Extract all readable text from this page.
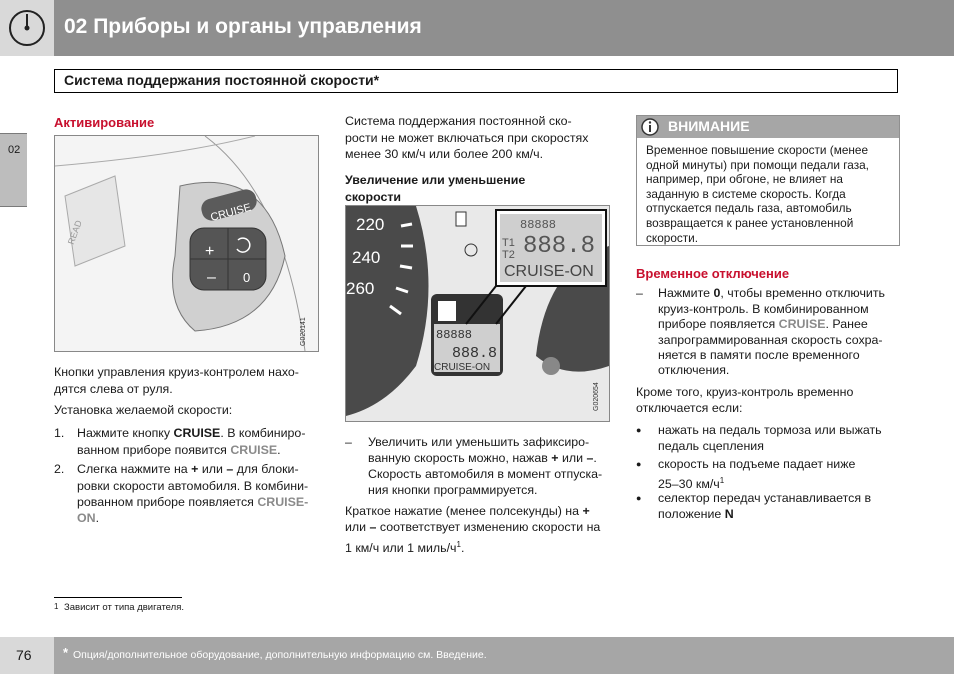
02 Приборы и органы управления
Система поддержания постоянной скорости*
02
Активирование
READ
CRUISE
+
– 0
G020141
Кнопки управления круиз-контролем нахо-
дятся слева от руля.
Установка желаемой скорости:
1. Нажмите кнопку CRUISE. В комбиниро-
ванном приборе появится CRUISE.
2. Слегка нажмите на + или – для блоки-
ровки скорости автомобиля. В комбини-
рованном приборе появляется CRUISE-
ON.
Система поддержания постоянной ско-
рости не может включаться при скоростях
менее 30 км/ч или более 200 км/ч.
Увеличение или уменьшение
скорости
220
240
260
88888
888.8
CRUISE-ON
T1
T2
88888
888.8
CRUISE-ON
G020654
– Увеличить или уменьшить зафиксиро-
ванную скорость можно, нажав + или –.
Скорость автомобиля в момент отпуска-
ния кнопки программируется.
Краткое нажатие (менее полсекунды) на +
или – соответствует изменению скорости на
1 км/ч или 1 миль/$ч^1$.
ВНИМАНИЕ
Временное повышение скорости (менее
одной минуты) при помощи педали газа,
например, при обгоне, не влияет на
заданную в системе скорость. Когда
отпускается педаль газа, автомобиль
возвращается к ранее установленной
скорости.
Временное отключение
– Нажмите 0, чтобы временно отключить
круиз-контроль. В комбинированном
приборе появляется CRUISE. Ранее
запрограммированная скорость сохра-
няется в памяти после временного
отключения.
Кроме того, круиз-контроль временно
отключается если:
● нажать на педаль тормоза или выжать
педаль сцепления
● скорость на подъеме падает ниже
25–30 $км/ч^1$
● селектор передач устанавливается в
положение N
1 Зависит от типа двигателя.
76 * Опция/дополнительное оборудование, дополнительную информацию см. Введение.
